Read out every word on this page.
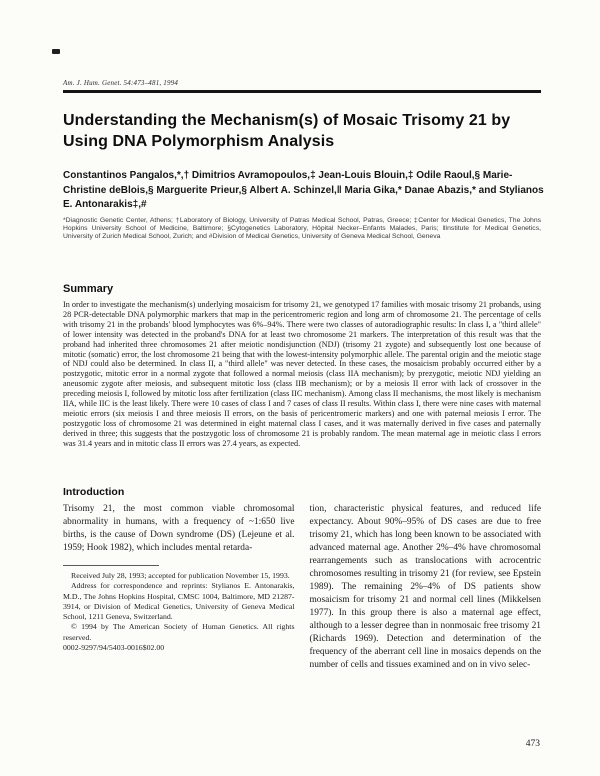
Am. J. Hum. Genet. 54:473–481, 1994
Understanding the Mechanism(s) of Mosaic Trisomy 21 by Using DNA Polymorphism Analysis
Constantinos Pangalos,*,† Dimitrios Avramopoulos,‡ Jean-Louis Blouin,‡ Odile Raoul,§ Marie-Christine deBlois,§ Marguerite Prieur,§ Albert A. Schinzel,‖ Maria Gika,* Danae Abazis,* and Stylianos E. Antonarakis‡,#
*Diagnostic Genetic Center, Athens; †Laboratory of Biology, University of Patras Medical School, Patras, Greece; ‡Center for Medical Genetics, The Johns Hopkins University School of Medicine, Baltimore; §Cytogenetics Laboratory, Hôpital Necker–Enfants Malades, Paris; ‖Institute for Medical Genetics, University of Zurich Medical School, Zurich; and #Division of Medical Genetics, University of Geneva Medical School, Geneva
Summary

In order to investigate the mechanism(s) underlying mosaicism for trisomy 21, we genotyped 17 families with mosaic trisomy 21 probands, using 28 PCR-detectable DNA polymorphic markers that map in the pericentromeric region and long arm of chromosome 21. The percentage of cells with trisomy 21 in the probands' blood lymphocytes was 6%–94%. There were two classes of autoradiographic results: In class I, a "third allele" of lower intensity was detected in the proband's DNA for at least two chromosome 21 markers. The interpretation of this result was that the proband had inherited three chromosomes 21 after meiotic nondisjunction (NDJ) (trisomy 21 zygote) and subsequently lost one because of mitotic (somatic) error, the lost chromosome 21 being that with the lowest-intensity polymorphic allele. The parental origin and the meiotic stage of NDJ could also be determined. In class II, a "third allele" was never detected. In these cases, the mosaicism probably occurred either by a postzygotic, mitotic error in a normal zygote that followed a normal meiosis (class IIA mechanism); by prezygotic, meiotic NDJ yielding an aneusomic zygote after meiosis, and subsequent mitotic loss (class IIB mechanism); or by a meiosis II error with lack of crossover in the preceding meiosis I, followed by mitotic loss after fertilization (class IIC mechanism). Among class II mechanisms, the most likely is mechanism IIA, while IIC is the least likely. There were 10 cases of class I and 7 cases of class II results. Within class I, there were nine cases with maternal meiotic errors (six meiosis I and three meiosis II errors, on the basis of pericentromeric markers) and one with paternal meiosis I error. The postzygotic loss of chromosome 21 was determined in eight maternal class I cases, and it was maternally derived in five cases and paternally derived in three; this suggests that the postzygotic loss of chromosome 21 is probably random. The mean maternal age in meiotic class I errors was 31.4 years and in mitotic class II errors was 27.4 years, as expected.

Introduction

Trisomy 21, the most common viable chromosomal abnormality in humans, with a frequency of ~1:650 live births, is the cause of Down syndrome (DS) (Lejeune et al. 1959; Hook 1982), which includes mental retarda-

Received July 28, 1993; accepted for publication November 15, 1993.

Address for correspondence and reprints: Stylianos E. Antonarakis, M.D., The Johns Hopkins Hospital, CMSC 1004, Baltimore, MD 21287-3914, or Division of Medical Genetics, University of Geneva Medical School, 1211 Geneva, Switzerland.

© 1994 by The American Society of Human Genetics. All rights reserved.

0002-9297/94/5403-0016$02.00

tion, characteristic physical features, and reduced life expectancy. About 90%–95% of DS cases are due to free trisomy 21, which has long been known to be associated with advanced maternal age. Another 2%–4% have chromosomal rearrangements such as translocations with acrocentric chromosomes resulting in trisomy 21 (for review, see Epstein 1989). The remaining 2%–4% of DS patients show mosaicism for trisomy 21 and normal cell lines (Mikkelsen 1977). In this group there is also a maternal age effect, although to a lesser degree than in nonmosaic free trisomy 21 (Richards 1969). Detection and determination of the frequency of the aberrant cell line in mosaics depends on the number of cells and tissues examined and on in vivo selec-

473
